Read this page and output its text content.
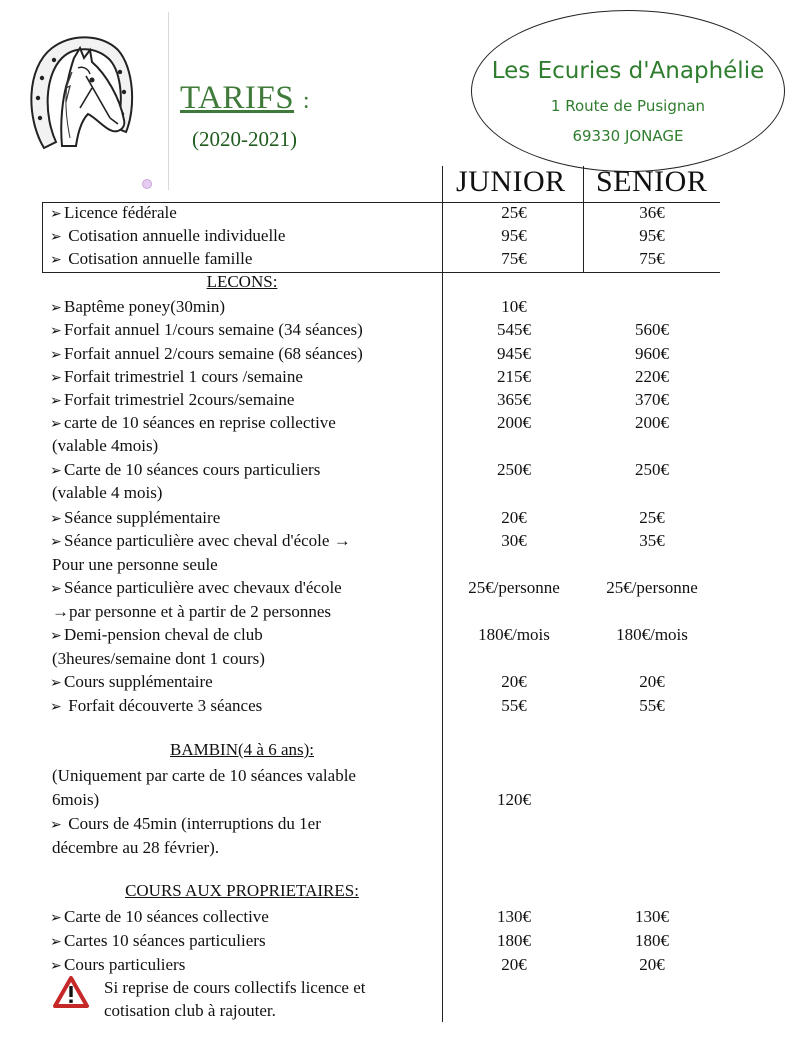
TARIFS :
(2020-2021)
Les Ecuries d'Anaphélie
1 Route de Pusignan
69330 JONAGE
JUNIOR SENIOR
➢ Licence fédérale	25€	36€
➢ Cotisation annuelle individuelle	95€	95€
➢ Cotisation annuelle famille	75€	75€
LECONS:
➢ Baptême poney(30min)	10€
➢ Forfait annuel 1/cours semaine (34 séances)	545€	560€
➢ Forfait annuel 2/cours semaine (68 séances)	945€	960€
➢ Forfait trimestriel 1 cours /semaine	215€	220€
➢ Forfait trimestriel 2cours/semaine	365€	370€
➢ carte de 10 séances en reprise collective
(valable 4mois)
200€	200€
➢ Carte de 10 séances cours particuliers
(valable 4 mois)
250€	250€
➢ Séance supplémentaire	20€	25€
➢ Séance particulière avec cheval d'école →
Pour une personne seule
30€	35€
➢ Séance particulière avec chevaux d'école
→par personne et à partir de 2 personnes
25€/personne	25€/personne
➢ Demi-pension cheval de club
(3heures/semaine dont 1 cours)
180€/mois	180€/mois
➢ Cours supplémentaire	20€	20€
➢ Forfait découverte 3 séances	55€	55€
BAMBIN(4 à 6 ans):
(Uniquement par carte de 10 séances valable
6mois)	120€
➢ Cours de 45min (interruptions du 1er
décembre au 28 février).
COURS AUX PROPRIETAIRES:
➢ Carte de 10 séances collective	130€	130€
➢ Cartes 10 séances particuliers	180€	180€
➢ Cours particuliers	20€	20€
Si reprise de cours collectifs licence et
cotisation club à rajouter.
